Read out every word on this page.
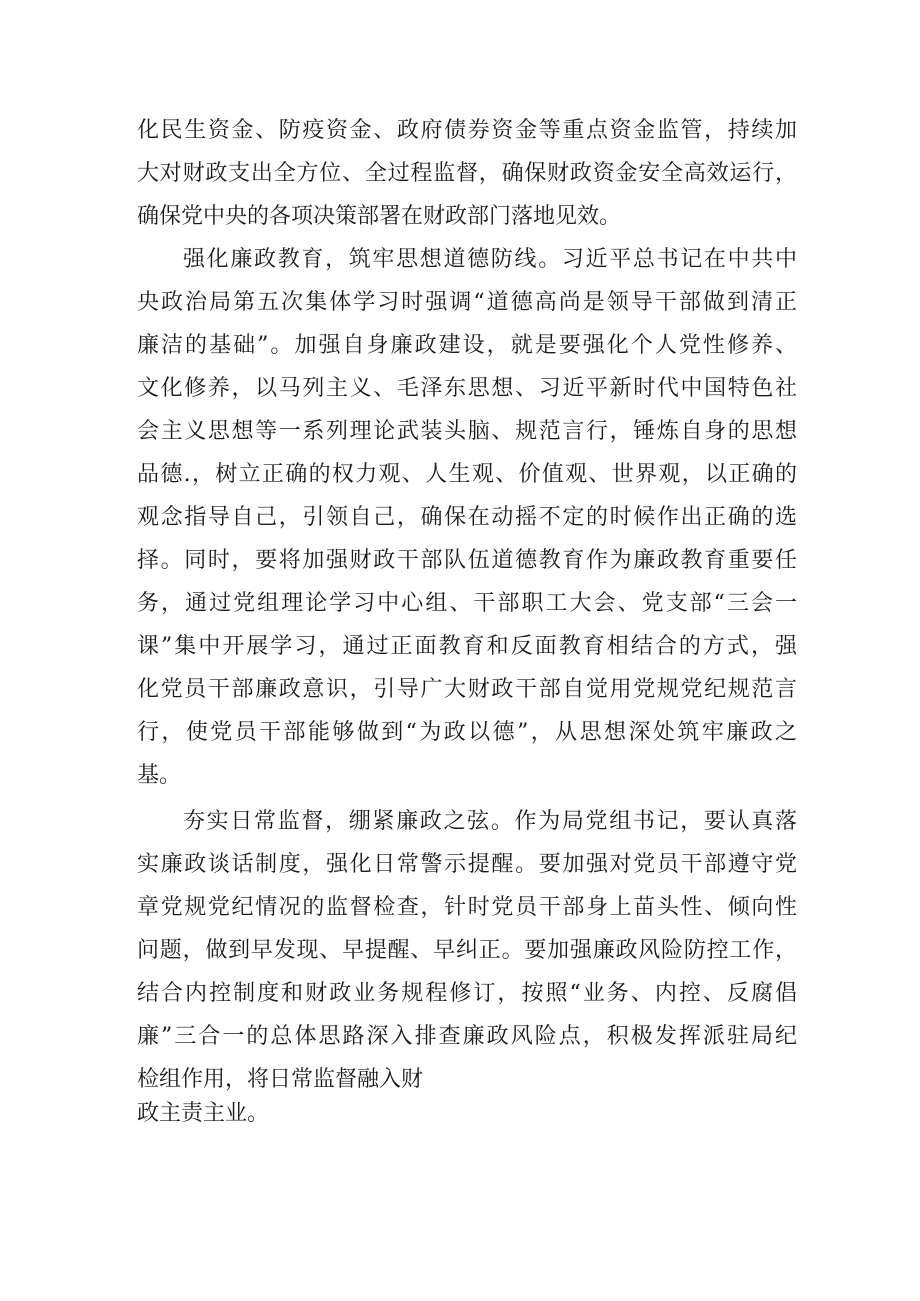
化民生资金、防疫资金、政府债券资金等重点资金监管，持续加

大对财政支出全方位、全过程监督，确保财政资金安全高效运行，

确保党中央的各项决策部署在财政部门落地见效。

强化廉政教育，筑牢思想道德防线。习近平总书记在中共中

央政治局第五次集体学习时强调“道德高尚是领导干部做到清正

廉洁的基础”。加强自身廉政建设，就是要强化个人党性修养、

文化修养，以马列主义、毛泽东思想、习近平新时代中国特色社

会主义思想等一系列理论武装头脑、规范言行，锤炼自身的思想

品德.，树立正确的权力观、人生观、价值观、世界观，以正确的

观念指导自己，引领自己，确保在动摇不定的时候作出正确的选

择。同时，要将加强财政干部队伍道德教育作为廉政教育重要任

务，通过党组理论学习中心组、干部职工大会、党支部“三会一

课”集中开展学习，通过正面教育和反面教育相结合的方式，强

化党员干部廉政意识，引导广大财政干部自觉用党规党纪规范言

行，使党员干部能够做到“为政以德”，从思想深处筑牢廉政之

基。

夯实日常监督，绷紧廉政之弦。作为局党组书记，要认真落

实廉政谈话制度，强化日常警示提醒。要加强对党员干部遵守党

章党规党纪情况的监督检查，针时党员干部身上苗头性、倾向性

问题，做到早发现、早提醒、早纠正。要加强廉政风险防控工作，

结合内控制度和财政业务规程修订，按照“业务、内控、反腐倡

廉”三合一的总体思路深入排查廉政风险点，积极发挥派驻局纪

检组作用，将日常监督融入财

政主责主业。
